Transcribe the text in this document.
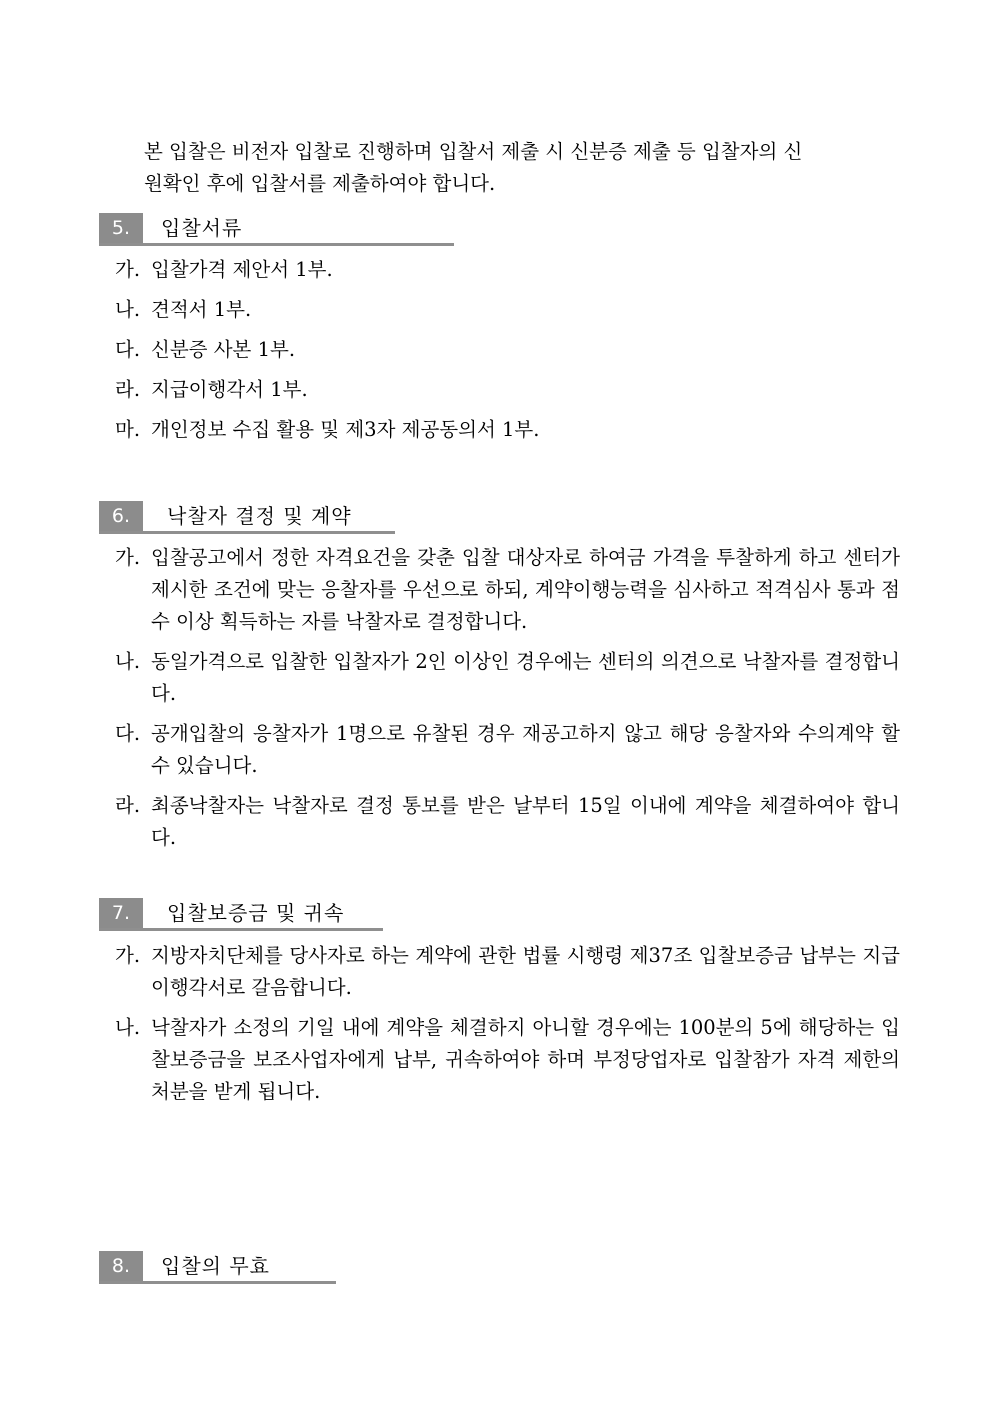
본 입찰은 비전자 입찰로 진행하며 입찰서 제출 시 신분증 제출 등 입찰자의 신

원확인 후에 입찰서를 제출하여야 합니다.

5.	입찰서류
가. 입찰가격 제안서 1부.
나. 견적서 1부.
다. 신분증 사본 1부.
라. 지급이행각서 1부.
마. 개인정보 수집 활용 및 제3자 제공동의서 1부.
6.	낙찰자 결정 및 계약
가. 입찰공고에서 정한 자격요건을 갖춘 입찰 대상자로 하여금 가격을 투찰하게 하고 센터가 제시한 조건에 맞는 응찰자를 우선으로 하되, 계약이행능력을 심사하고 적격심사 통과 점수 이상 획득하는 자를 낙찰자로 결정합니다.
나. 동일가격으로 입찰한 입찰자가 2인 이상인 경우에는 센터의 의견으로 낙찰자를 결정합니다.
다. 공개입찰의 응찰자가 1명으로 유찰된 경우 재공고하지 않고 해당 응찰자와 수의계약 할 수 있습니다.
라. 최종낙찰자는 낙찰자로 결정 통보를 받은 날부터 15일 이내에 계약을 체결하여야 합니다.
7.	입찰보증금 및 귀속
가. 지방자치단체를 당사자로 하는 계약에 관한 법률 시행령 제37조 입찰보증금 납부는 지급이행각서로 갈음합니다.
나. 낙찰자가 소정의 기일 내에 계약을 체결하지 아니할 경우에는 100분의 5에 해당하는 입찰보증금을 보조사업자에게 납부, 귀속하여야 하며 부정당업자로 입찰참가 자격 제한의 처분을 받게 됩니다.
8.	입찰의 무효
